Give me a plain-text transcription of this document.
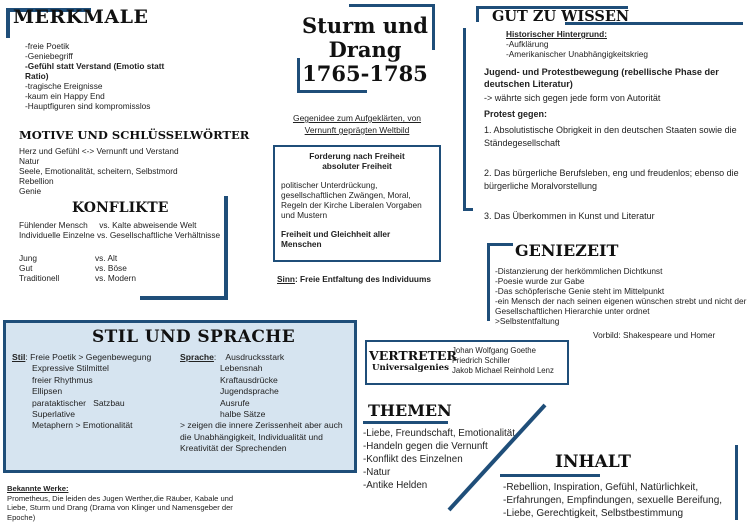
MERKMALE
-freie Poetik
-Geniebegriff
-Gefühl statt Verstand (Emotio statt Ratio)
-tragische Ereignisse
-kaum ein Happy End
-Hauptfiguren sind kompromisslos
MOTIVE UND SCHLÜSSELWÖRTER
Herz und Gefühl <-> Vernunft und Verstand
Natur
Seele, Emotionalität, scheitern, Selbstmord
Rebellion
Genie
KONFLIKTE
Fühlender Mensch     vs. Kalte abweisende Welt
Individuelle Einzelne vs. Gesellschaftliche Verhältnisse
Jung	vs. Alt
Gut	vs. Böse
Traditionell	vs. Modern
Sturm und
Drang
1765-1785
Gegenidee zum Aufgeklärten, von
Vernunft geprägten Weltbild
Forderung nach Freiheit absoluter Freiheit
politischer Unterdrückung, gesellschaftlichen Zwängen, Moral, Regeln der Kirche Liberalen Vorgaben und Mustern
Freiheit und Gleichheit aller Menschen
Sinn: Freie Entfaltung des Individuums
GUT ZU WISSEN
Historischer Hintergrund:
-Aufklärung
-Amerikanischer Unabhängigkeitskrieg
Jugend- und Protestbewegung (rebellische Phase der deutschen Literatur)
-> währte sich gegen jede form von Autorität
Protest gegen:
1. Absolutistische Obrigkeit in den deutschen Staaten sowie die Ständegesellschaft
2. Das bürgerliche Berufsleben, eng und freudenlos; ebenso die bürgerliche Moralvorstellung
3. Das Überkommen in Kunst und Literatur
GENIEZEIT
-Distanzierung der herkömmlichen Dichtkunst
-Poesie wurde zur Gabe
-Das schöpferische Genie steht im Mittelpunkt
-ein Mensch der nach seinen eigenen wünschen strebt und nicht der Gesellschaftlichen Hierarchie unter ordnet
>Selbstentfaltung
Vorbild: Shakespeare und Homer
STIL UND SPRACHE
Stil: Freie Poetik > Gegenbewegung
Expressive Stilmittel
freier Rhythmus
Ellipsen
parataktischer   Satzbau
Superlative
Metaphern > Emotionalität
Sprache:    Ausdrucksstark
Lebensnah
Kraftausdrücke
Jugendsprache
Ausrufe
halbe Sätze
> zeigen die innere Zerissenheit aber auch die Unabhängigkeit, Individualität und Kreativität der Sprechenden
Bekannte Werke:
Prometheus, Die leiden des Jugen Werther,die Räuber, Kabale und Liebe, Sturm und Drang (Drama von Klinger und Namensgeber der Epoche)
VERTRETER
Universalgenies
Johan Wolfgang Goethe
Friedrich Schiller
Jakob Michael Reinhold Lenz
THEMEN
-Liebe, Freundschaft, Emotionalität
-Handeln gegen die Vernunft
-Konflikt des Einzelnen
-Natur
-Antike Helden
INHALT
-Rebellion, Inspiration, Gefühl, Natürlichkeit,
-Erfahrungen, Empfindungen, sexuelle Bereifung,
-Liebe, Gerechtigkeit, Selbstbestimmung
